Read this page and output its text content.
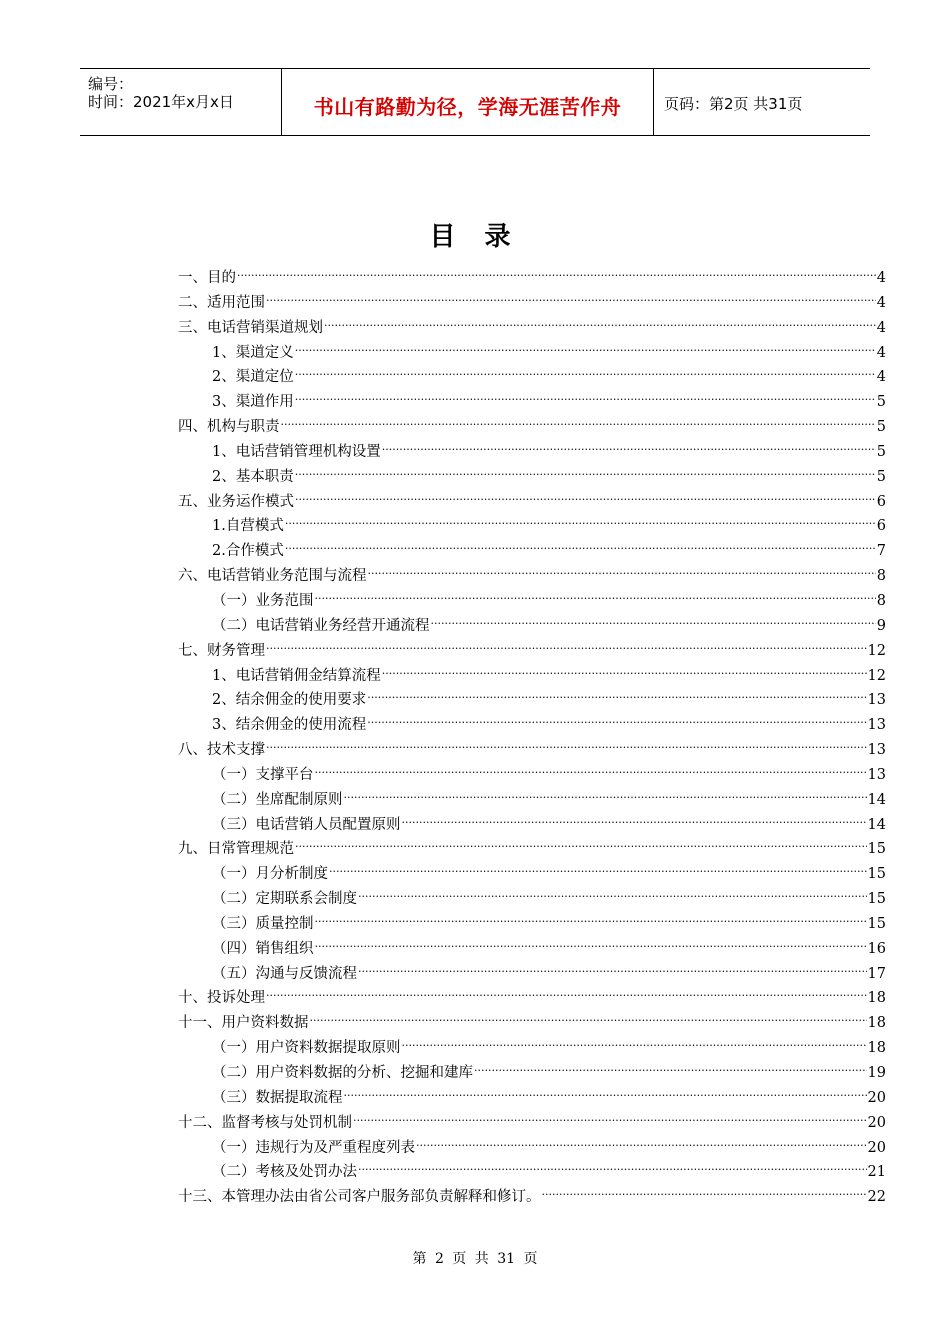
编号：
时间：2021年x月x日	书山有路勤为径，学海无涯苦作舟	页码：第2页 共31页
目 录
一、目的 .....	4
二、适用范围 .....	4
三、电话营销渠道规划 .....	4
1、渠道定义 .....	4
2、渠道定位 .....	4
3、渠道作用 .....	5
四、机构与职责 .....	5
1、电话营销管理机构设置 .....	5
2、基本职责 .....	5
五、业务运作模式 .....	6
1.自营模式 .....	6
2.合作模式 .....	7
六、电话营销业务范围与流程 .....	8
（一）业务范围 .....	8
（二）电话营销业务经营开通流程 .....	9
七、财务管理 .....	12
1、电话营销佣金结算流程 .....	12
2、结余佣金的使用要求 .....	13
3、结余佣金的使用流程 .....	13
八、技术支撑 .....	13
（一）支撑平台 .....	13
（二）坐席配制原则 .....	14
（三）电话营销人员配置原则 .....	14
九、日常管理规范 .....	15
（一）月分析制度 .....	15
（二）定期联系会制度 .....	15
（三）质量控制 .....	15
（四）销售组织 .....	16
（五）沟通与反馈流程 .....	17
十、投诉处理 .....	18
十一、用户资料数据 .....	18
（一）用户资料数据提取原则 .....	18
（二）用户资料数据的分析、挖掘和建库 .....	19
（三）数据提取流程 .....	20
十二、监督考核与处罚机制 .....	20
（一）违规行为及严重程度列表 .....	20
（二）考核及处罚办法 .....	21
十三、本管理办法由省公司客户服务部负责解释和修订。 .....	22
第 2 页 共 31 页
